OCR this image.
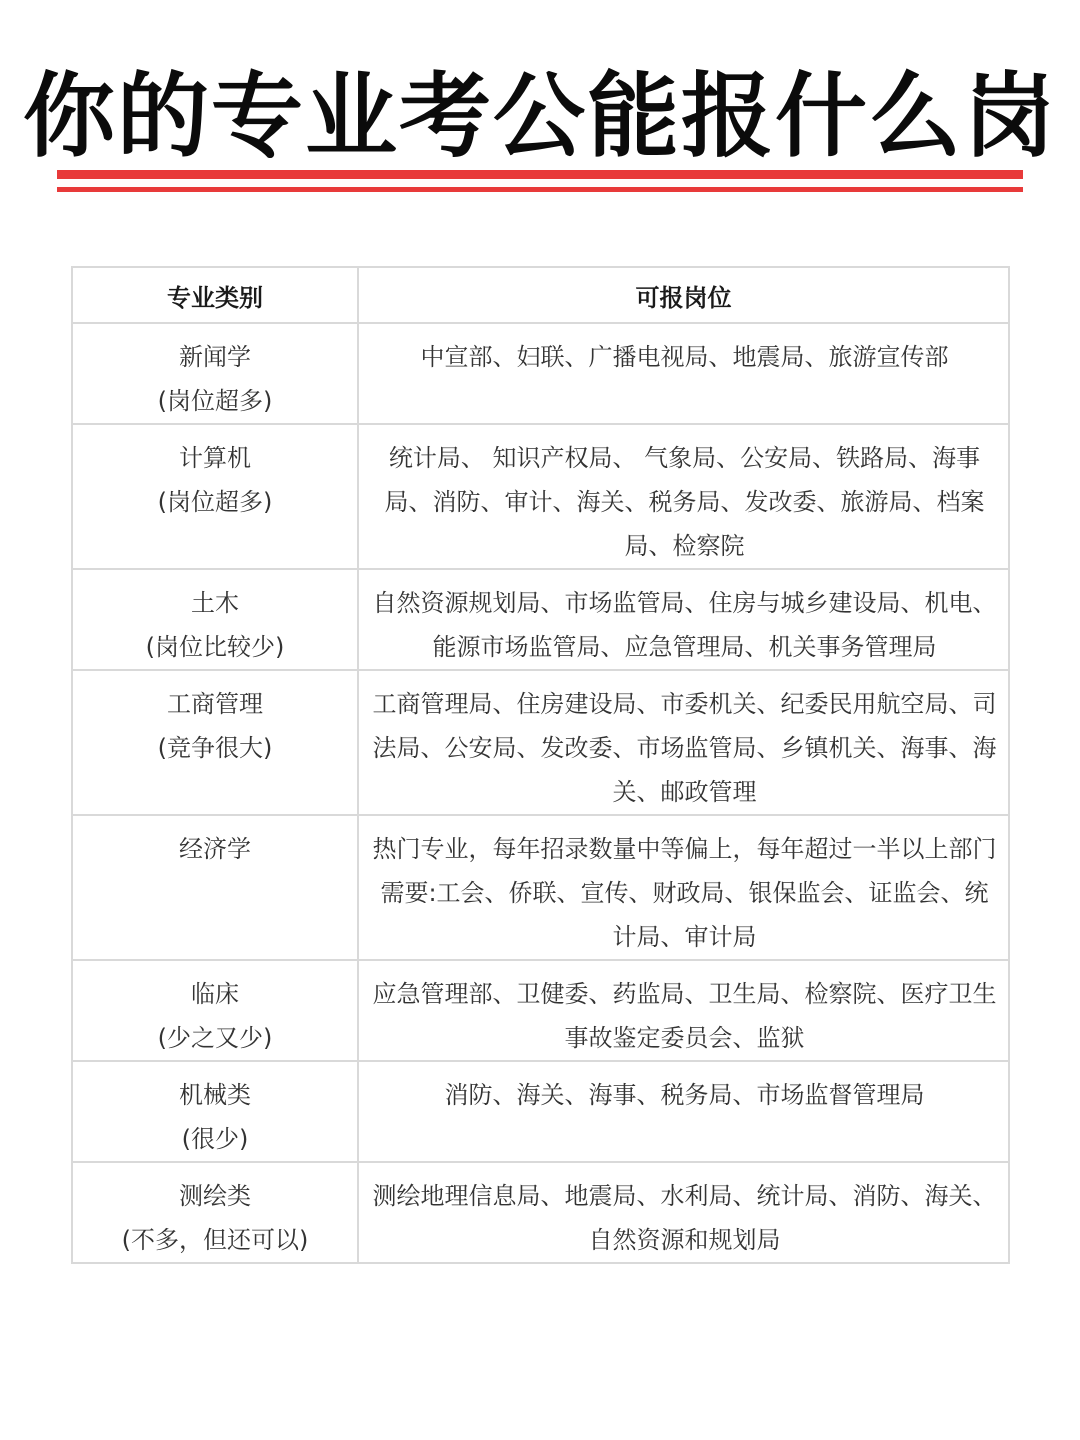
你的专业考公能报什么岗
专业类别	可报岗位

新闻学
(岗位超多)	中宣部、妇联、广播电视局、地震局、旅游宣传部

计算机
(岗位超多)	统计局、 知识产权局、 气象局、公安局、铁路局、海事局、消防、审计、海关、税务局、发改委、旅游局、档案局、检察院

土木
(岗位比较少)	自然资源规划局、市场监管局、住房与城乡建设局、机电、能源市场监管局、应急管理局、机关事务管理局

工商管理
(竞争很大)	工商管理局、住房建设局、市委机关、纪委民用航空局、司法局、公安局、发改委、市场监管局、乡镇机关、海事、海关、邮政管理

经济学	热门专业，每年招录数量中等偏上，每年超过一半以上部门需要:工会、侨联、宣传、财政局、银保监会、证监会、统计局、审计局

临床
(少之又少)	应急管理部、卫健委、药监局、卫生局、检察院、医疗卫生事故鉴定委员会、监狱

机械类
(很少)	消防、海关、海事、税务局、市场监督管理局

测绘类
(不多，但还可以)	测绘地理信息局、地震局、水利局、统计局、消防、海关、自然资源和规划局
